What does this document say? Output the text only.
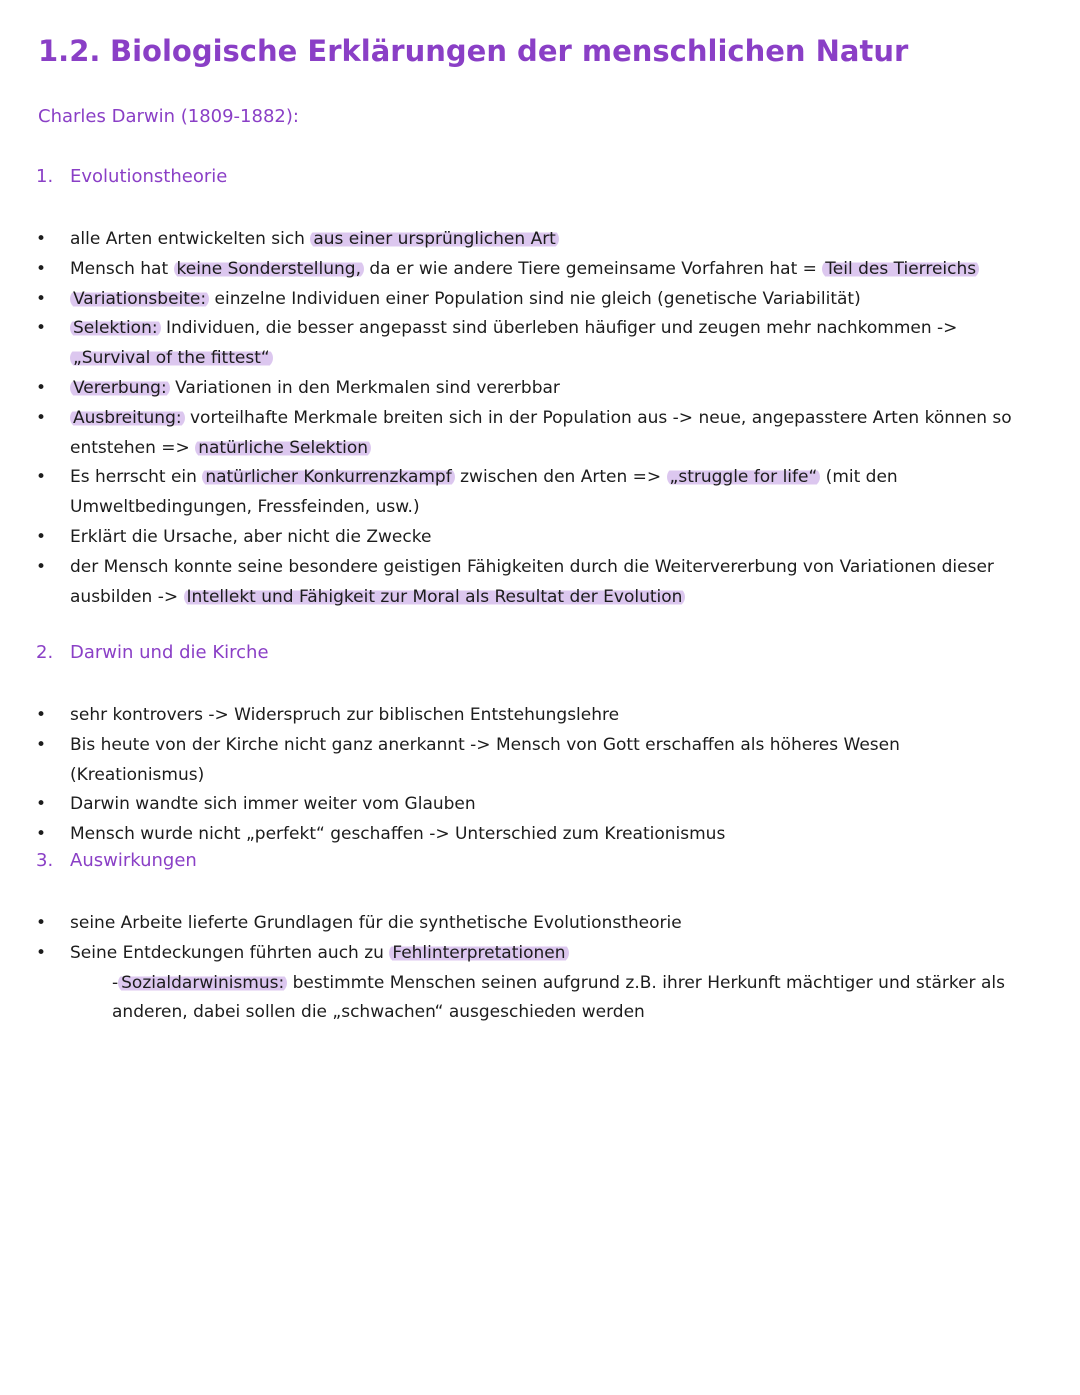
1.2. Biologische Erklärungen der menschlichen Natur
Charles Darwin (1809-1882):
1. Evolutionstheorie
• alle Arten entwickelten sich aus einer ursprünglichen Art
• Mensch hat keine Sonderstellung, da er wie andere Tiere gemeinsame Vorfahren hat = Teil des Tierreichs
• Variationsbeite: einzelne Individuen einer Population sind nie gleich (genetische Variabilität)
• Selektion: Individuen, die besser angepasst sind überleben häufiger und zeugen mehr nachkommen -> „Survival of the fittest“
• Vererbung: Variationen in den Merkmalen sind vererbbar
• Ausbreitung: vorteilhafte Merkmale breiten sich in der Population aus -> neue, angepasstere Arten können so entstehen => natürliche Selektion
• Es herrscht ein natürlicher Konkurrenzkampf zwischen den Arten => „struggle for life“ (mit den Umweltbedingungen, Fressfeinden, usw.)
• Erklärt die Ursache, aber nicht die Zwecke
• der Mensch konnte seine besondere geistigen Fähigkeiten durch die Weitervererbung von Variationen dieser ausbilden -> Intellekt und Fähigkeit zur Moral als Resultat der Evolution
2. Darwin und die Kirche
• sehr kontrovers -> Widerspruch zur biblischen Entstehungslehre
• Bis heute von der Kirche nicht ganz anerkannt -> Mensch von Gott erschaffen als höheres Wesen (Kreationismus)
• Darwin wandte sich immer weiter vom Glauben
• Mensch wurde nicht „perfekt“ geschaffen -> Unterschied zum Kreationismus
3. Auswirkungen
• seine Arbeite lieferte Grundlagen für die synthetische Evolutionstheorie
• Seine Entdeckungen führten auch zu Fehlinterpretationen
- Sozialdarwinismus: bestimmte Menschen seinen aufgrund z.B. ihrer Herkunft mächtiger und stärker als anderen, dabei sollen die „schwachen“ ausgeschieden werden
